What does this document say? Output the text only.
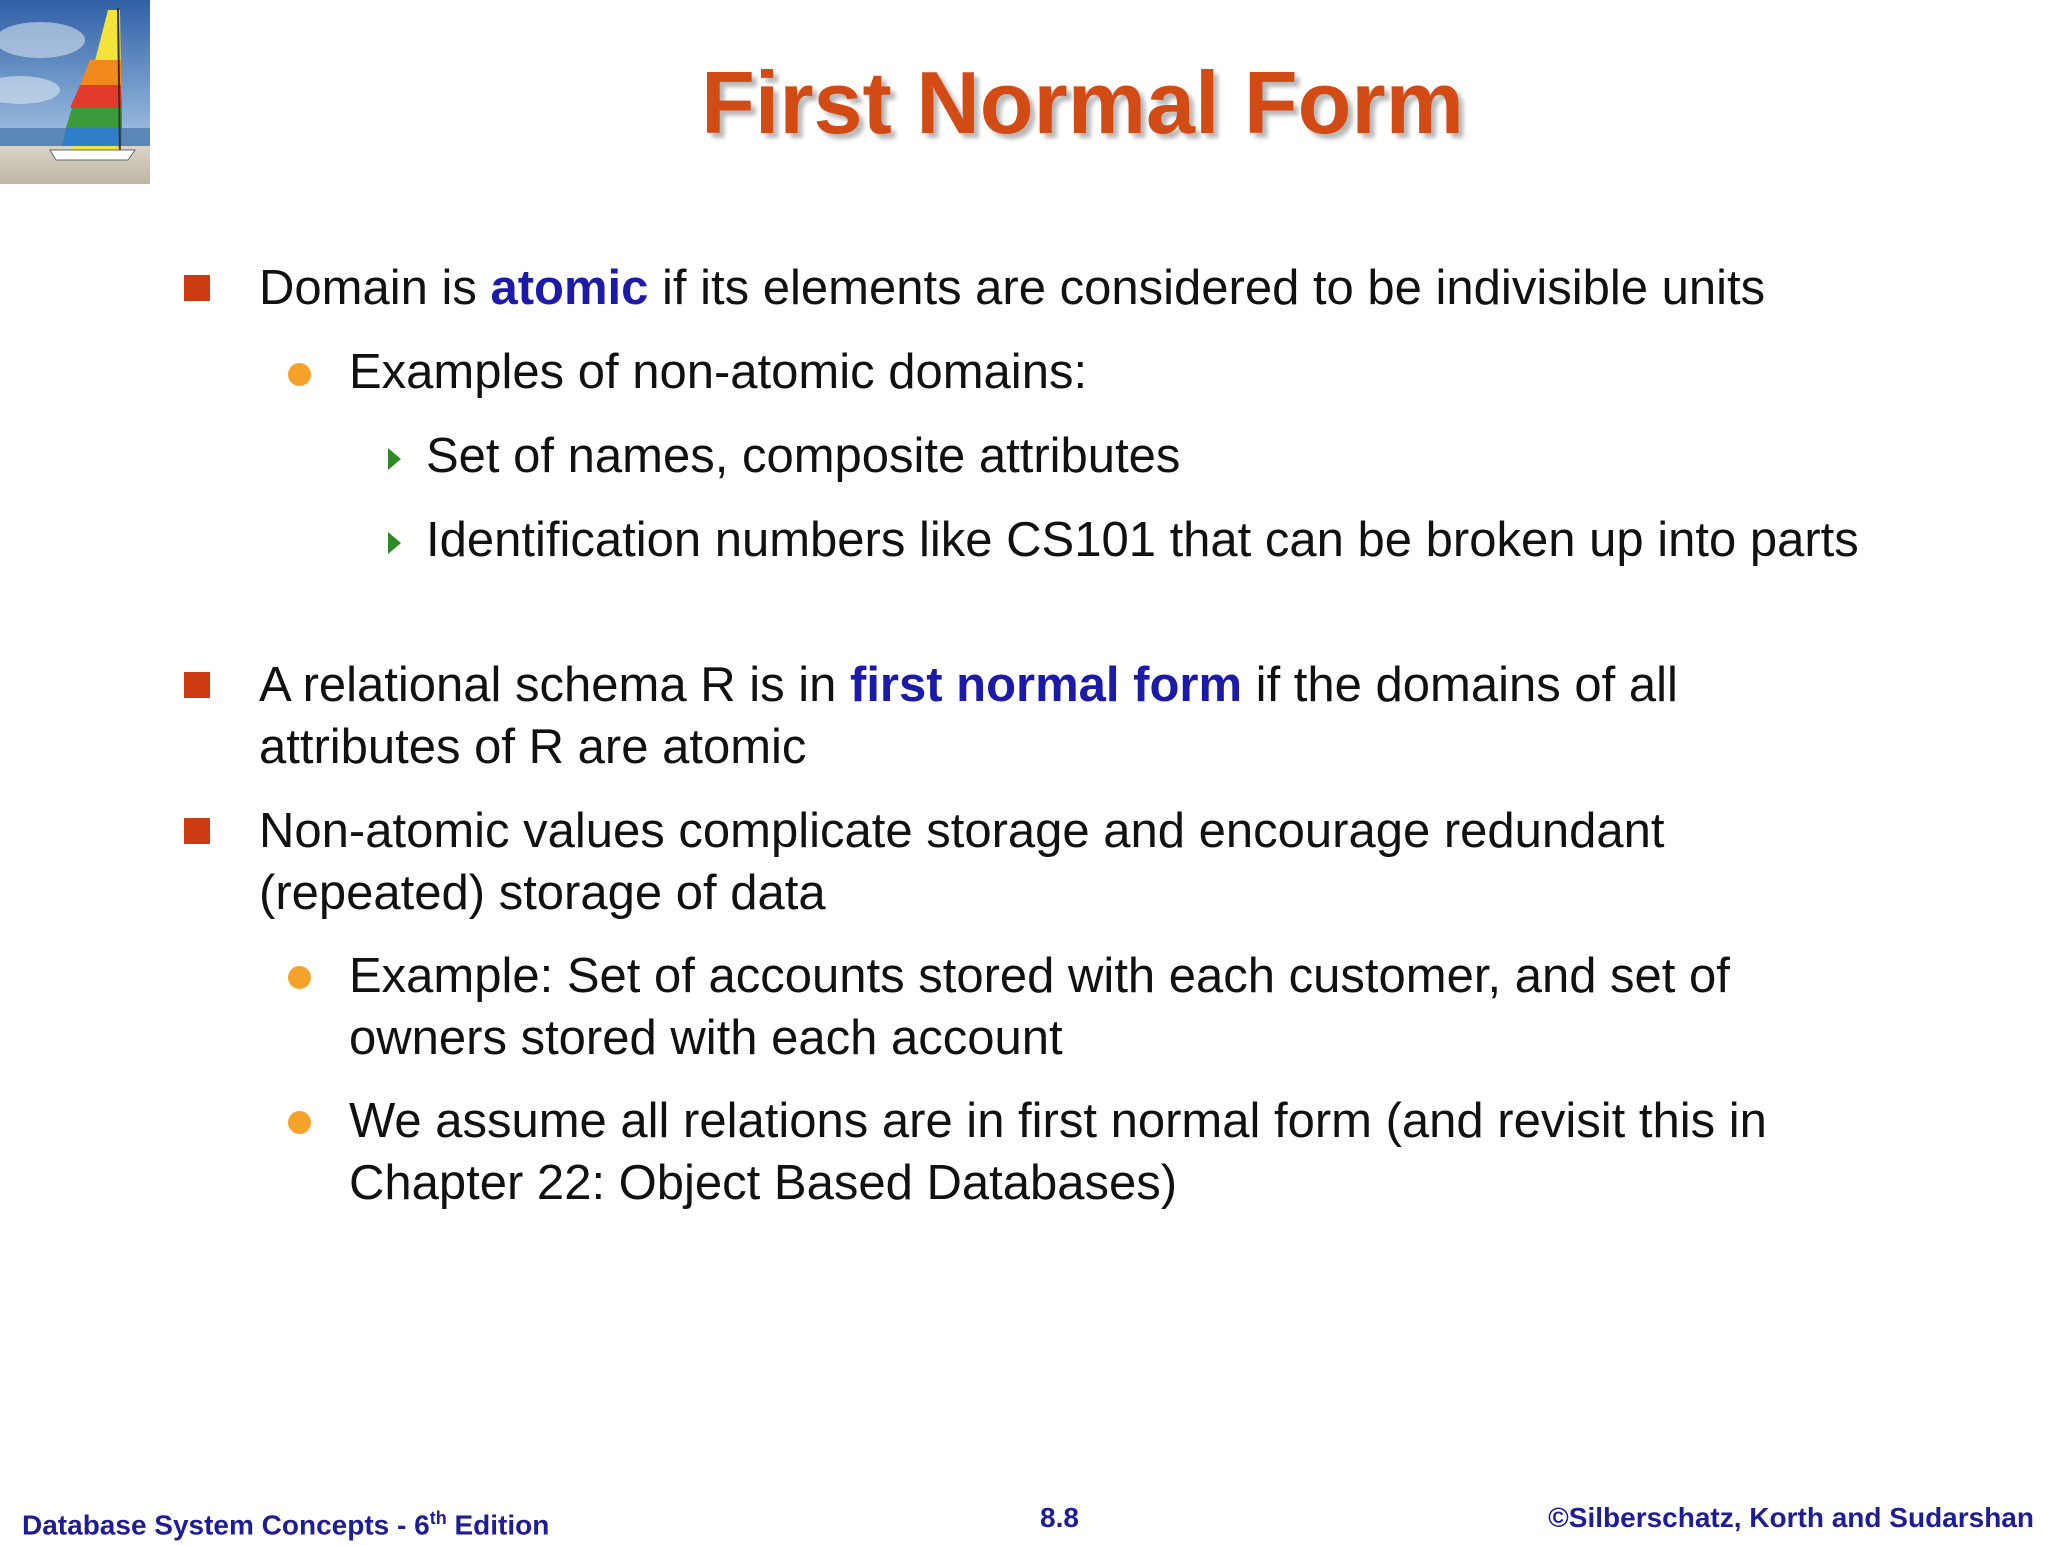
First Normal Form
Domain is atomic if its elements are considered to be indivisible units
Examples of non-atomic domains:
Set of names, composite attributes
Identification numbers like CS101 that can be broken up into parts
A relational schema R is in first normal form if the domains of all attributes of R are atomic
Non-atomic values complicate storage and encourage redundant (repeated) storage of data
Example: Set of accounts stored with each customer, and set of owners stored with each account
We assume all relations are in first normal form (and revisit this in Chapter 22: Object Based Databases)
Database System Concepts - 6th Edition	8.8	©Silberschatz, Korth and Sudarshan
